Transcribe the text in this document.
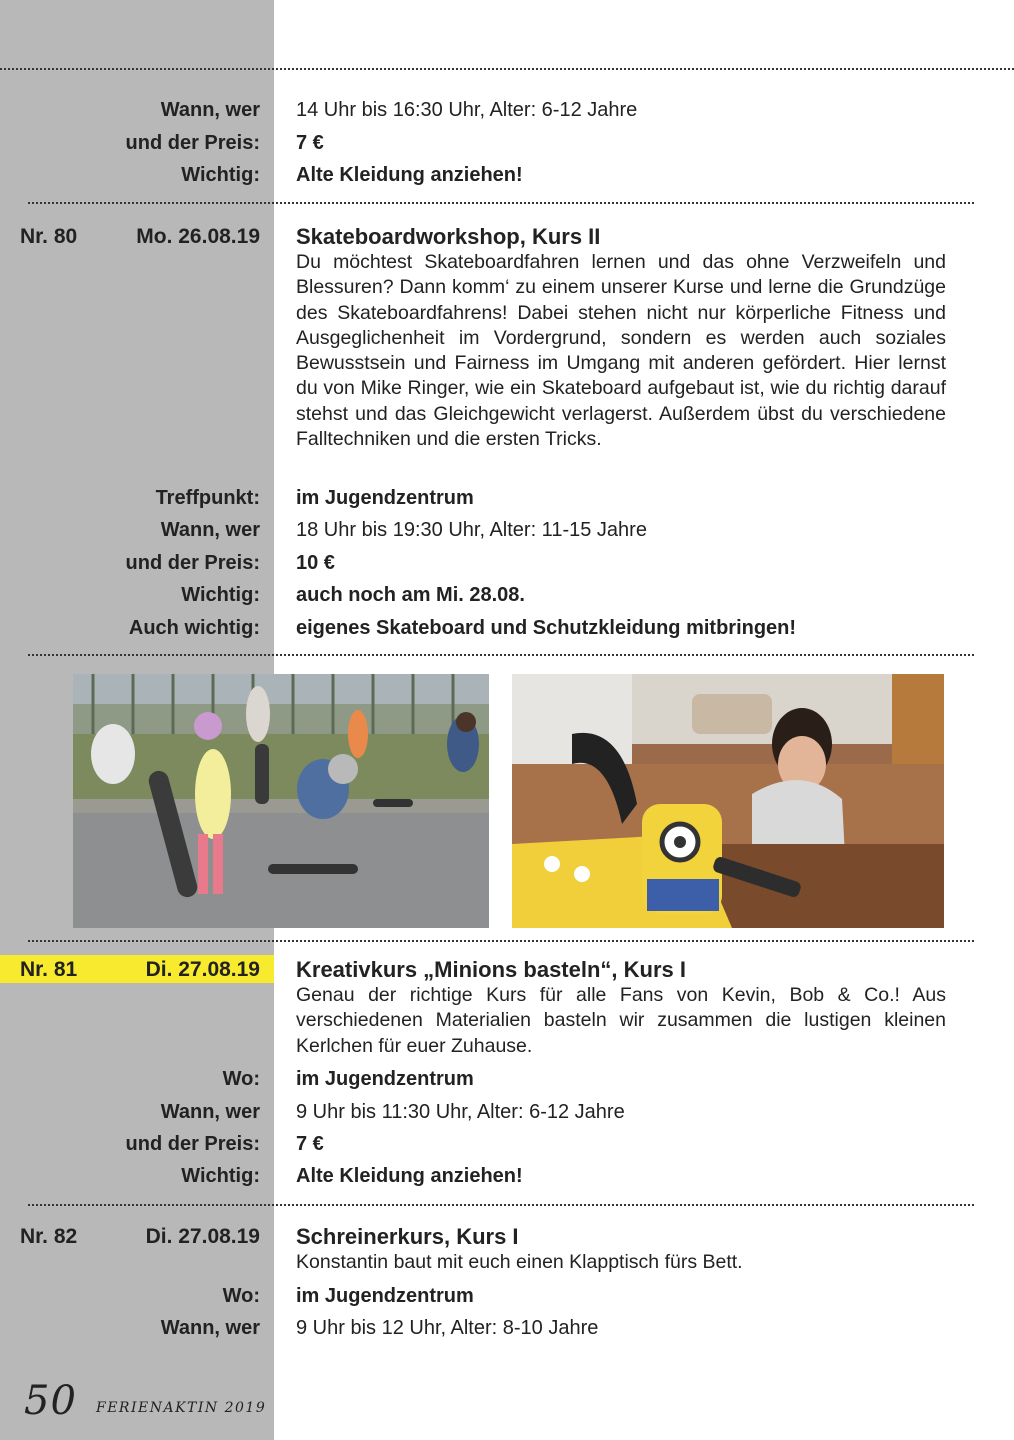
Wann, wer 14 Uhr bis 16:30 Uhr, Alter: 6-12 Jahre
und der Preis: 7 €
Wichtig: Alte Kleidung anziehen!
Nr. 80	Mo. 26.08.19 Skateboardworkshop, Kurs II
Du möchtest Skateboardfahren lernen und das ohne Verzweifeln und Blessuren? Dann komm‘ zu einem unserer Kurse und lerne die Grundzüge des Skateboardfahrens! Dabei stehen nicht nur körperliche Fitness und Ausgeglichenheit im Vordergrund, sondern es werden auch soziales Bewusstsein und Fairness im Umgang mit anderen gefördert. Hier lernst du von Mike Ringer, wie ein Skateboard aufgebaut ist, wie du richtig darauf stehst und das Gleichgewicht verlagerst. Außerdem übst du verschiedene Falltechniken und die ersten Tricks.
Treffpunkt: im Jugendzentrum
Wann, wer 18 Uhr bis 19:30 Uhr, Alter: 11-15 Jahre
und der Preis: 10 €
Wichtig: auch noch am Mi. 28.08.
Auch wichtig: eigenes Skateboard und Schutzkleidung mitbringen!
Nr. 81	Di. 27.08.19 Kreativkurs „Minions basteln“, Kurs I
Genau der richtige Kurs für alle Fans von Kevin, Bob & Co.! Aus verschiedenen Materialien basteln wir zusammen die lustigen kleinen Kerlchen für euer Zuhause.
Wo: im Jugendzentrum
Wann, wer 9 Uhr bis 11:30 Uhr, Alter: 6-12 Jahre
und der Preis: 7 €
Wichtig: Alte Kleidung anziehen!
Nr. 82	Di. 27.08.19 Schreinerkurs, Kurs I
Konstantin baut mit euch einen Klapptisch fürs Bett.
Wo: im Jugendzentrum
Wann, wer 9 Uhr bis 12 Uhr, Alter: 8-10 Jahre
50 FERIENAKTIN 2019
